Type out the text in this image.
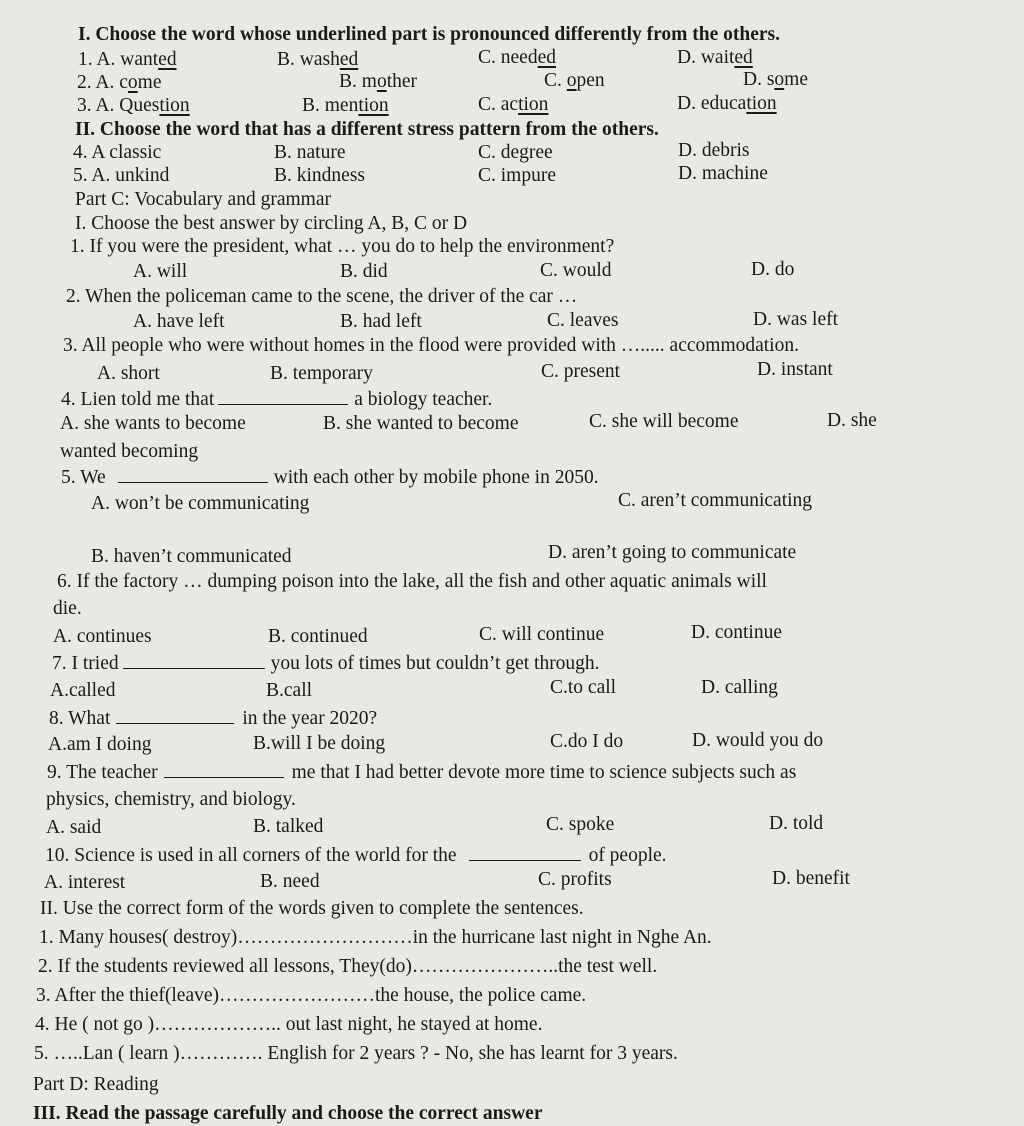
I. Choose the word whose underlined part is pronounced differently from the others.
1. A. wanted	B. washed	C. needed	D. waited
2. A. come	B. mother	C. open	D. some
3. A. Question	B. mention	C. action	D. education
II. Choose the word that has a different stress pattern from the others.
4. A classic	B. nature	C. degree	D. debris
5. A. unkind	B. kindness	C. impure	D. machine
Part C: Vocabulary and grammar
I. Choose the best answer by circling A, B, C or D
1. If you were the president, what … you do to help the environment?
A. will	B. did	C. would	D. do
2. When the policeman came to the scene, the driver of the car …
A. have left	B. had left	C. leaves	D. was left
3. All people who were without homes in the flood were provided with …..... accommodation.
A. short	B. temporary	C. present	D. instant
4. Lien told me that	a biology teacher.
A. she wants to become	B. she wanted to become	C. she will become	D. she
wanted becoming
5. We	with each other by mobile phone in 2050.
A. won’t be communicating	C. aren’t communicating
B. haven’t communicated	D. aren’t going to communicate
6. If the factory … dumping poison into the lake, all the fish and other aquatic animals will
die.
A. continues	B. continued	C. will continue	D. continue
7. I tried	you lots of times but couldn’t get through.
A.called	B.call	C.to call	D. calling
8. What	in the year 2020?
A.am I doing	B.will I be doing	C.do I do	D. would you do
9. The teacher	me that I had better devote more time to science subjects such as
physics, chemistry, and biology.
A. said	B. talked	C. spoke	D. told
10. Science is used in all corners of the world for the	of people.
A. interest	B. need	C. profits	D. benefit
II. Use the correct form of the words given to complete the sentences.
1. Many houses( destroy)………………………in the hurricane last night in Nghe An.
2. If the students reviewed all lessons, They(do)…………………..the test well.
3. After the thief(leave)……………………the house, the police came.
4. He ( not go )……………….. out last night, he stayed at home.
5. …..Lan ( learn )…………. English for 2 years ? - No, she has learnt for 3 years.
Part D: Reading
III. Read the passage carefully and choose the correct answer
